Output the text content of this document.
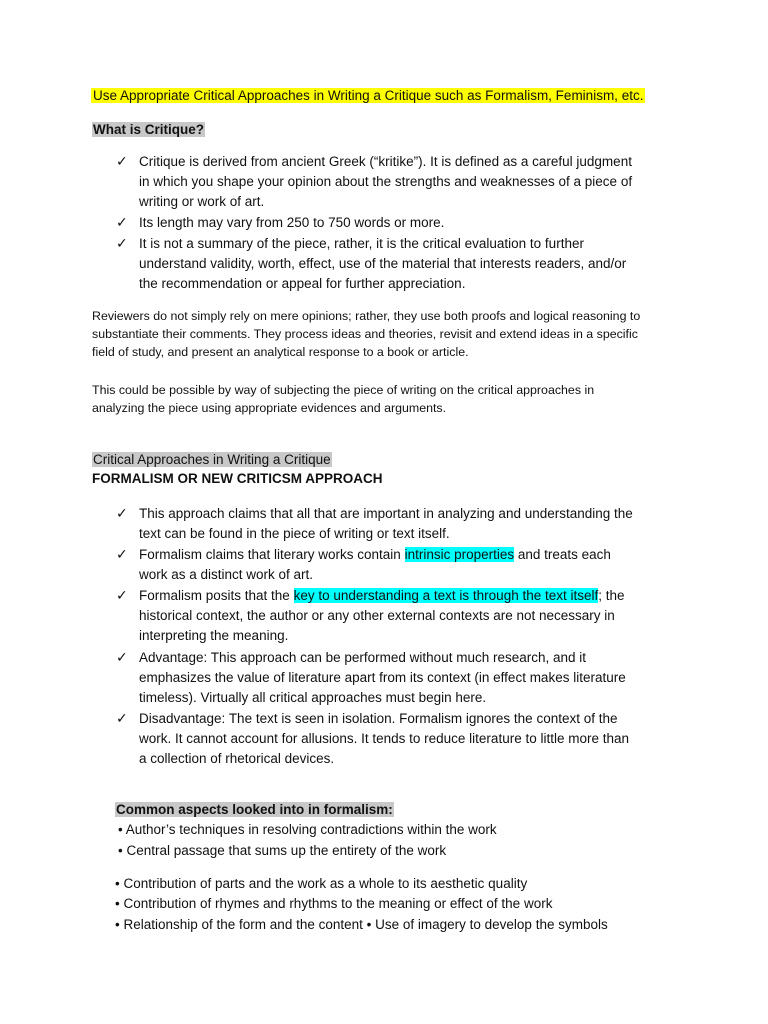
Use Appropriate Critical Approaches in Writing a Critique such as Formalism, Feminism, etc.
What is Critique?
✓ Critique is derived from ancient Greek (“kritike”). It is defined as a careful judgment
in which you shape your opinion about the strengths and weaknesses of a piece of
writing or work of art.
✓ Its length may vary from 250 to 750 words or more.
✓ It is not a summary of the piece, rather, it is the critical evaluation to further
understand validity, worth, effect, use of the material that interests readers, and/or
the recommendation or appeal for further appreciation.
Reviewers do not simply rely on mere opinions; rather, they use both proofs and logical reasoning to
substantiate their comments. They process ideas and theories, revisit and extend ideas in a specific
field of study, and present an analytical response to a book or article.
This could be possible by way of subjecting the piece of writing on the critical approaches in
analyzing the piece using appropriate evidences and arguments.
Critical Approaches in Writing a Critique
FORMALISM OR NEW CRITICSM APPROACH
✓ This approach claims that all that are important in analyzing and understanding the
text can be found in the piece of writing or text itself.
✓ Formalism claims that literary works contain intrinsic properties and treats each
work as a distinct work of art.
✓ Formalism posits that the key to understanding a text is through the text itself; the
historical context, the author or any other external contexts are not necessary in
interpreting the meaning.
✓ Advantage: This approach can be performed without much research, and it
emphasizes the value of literature apart from its context (in effect makes literature
timeless). Virtually all critical approaches must begin here.
✓ Disadvantage: The text is seen in isolation. Formalism ignores the context of the
work. It cannot account for allusions. It tends to reduce literature to little more than
a collection of rhetorical devices.
Common aspects looked into in formalism:
• Author’s techniques in resolving contradictions within the work
• Central passage that sums up the entirety of the work
• Contribution of parts and the work as a whole to its aesthetic quality
• Contribution of rhymes and rhythms to the meaning or effect of the work
• Relationship of the form and the content • Use of imagery to develop the symbols
